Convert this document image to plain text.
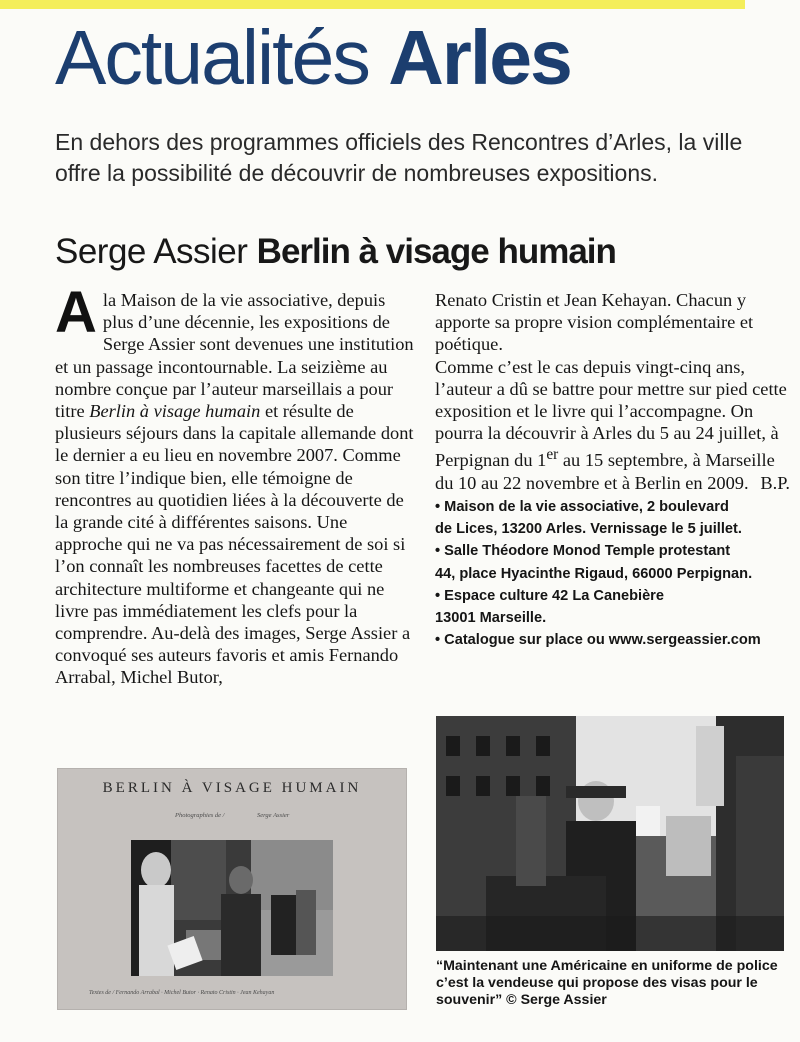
Actualités Arles
En dehors des programmes officiels des Rencontres d’Arles, la ville offre la possibilité de découvrir de nombreuses expositions.
Serge Assier Berlin à visage humain

Ala Maison de la vie associative, depuis plus d’une décennie, les expositions de Serge Assier sont devenues une institution et un passage incontournable. La seizième au nombre conçue par l’auteur marseillais a pour titre Berlin à visage humain et résulte de plusieurs séjours dans la capitale allemande dont le dernier a eu lieu en novembre 2007. Comme son titre l’indique bien, elle témoigne de rencontres au quotidien liées à la découverte de la grande cité à différentes saisons. Une approche qui ne va pas nécessairement de soi si l’on connaît les nombreuses facettes de cette architecture multiforme et changeante qui ne livre pas immédiatement les clefs pour la comprendre. Au-delà des images, Serge Assier a convoqué ses auteurs favoris et amis Fernando Arrabal, Michel Butor,

Renato Cristin et Jean Kehayan. Chacun y apporte sa propre vision complémentaire et poétique.

Comme c’est le cas depuis vingt-cinq ans, l’auteur a dû se battre pour mettre sur pied cette exposition et le livre qui l’accompagne. On pourra la découvrir à Arles du 5 au 24 juillet, à Perpignan du 1er au 15 septembre, à Marseille du 10 au 22 novembre et à Berlin en 2009. B.P.

• Maison de la vie associative, 2 boulevard
de Lices, 13200 Arles. Vernissage le 5 juillet.
• Salle Théodore Monod Temple protestant
44, place Hyacinthe Rigaud, 66000 Perpignan.
• Espace culture 42 La Canebière
13001 Marseille.
• Catalogue sur place ou www.sergeassier.com
BERLIN À VISAGE HUMAIN
Photographies de /	Serge Assier
Textes de / Fernando Arrabal · Michel Butor · Renato Cristin · Jean Kehayan
“Maintenant une Américaine en uniforme de police c’est la vendeuse qui propose des visas pour le souvenir” © Serge Assier
